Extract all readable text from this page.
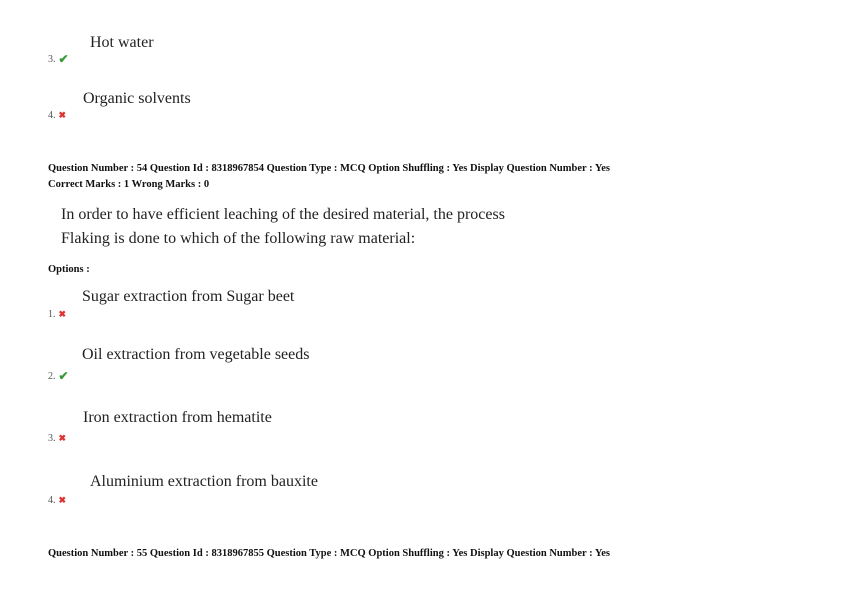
Hot water
3. ✔
Organic solvents
4. ✖
Question Number : 54 Question Id : 8318967854 Question Type : MCQ Option Shuffling : Yes Display Question Number : Yes
Correct Marks : 1 Wrong Marks : 0
In order to have efficient leaching of the desired material, the process
Flaking is done to which of the following raw material:
Options :
Sugar extraction from Sugar beet
1. ✖
Oil extraction from vegetable seeds
2. ✔
Iron extraction from hematite
3. ✖
Aluminium extraction from bauxite
4. ✖
Question Number : 55 Question Id : 8318967855 Question Type : MCQ Option Shuffling : Yes Display Question Number : Yes
